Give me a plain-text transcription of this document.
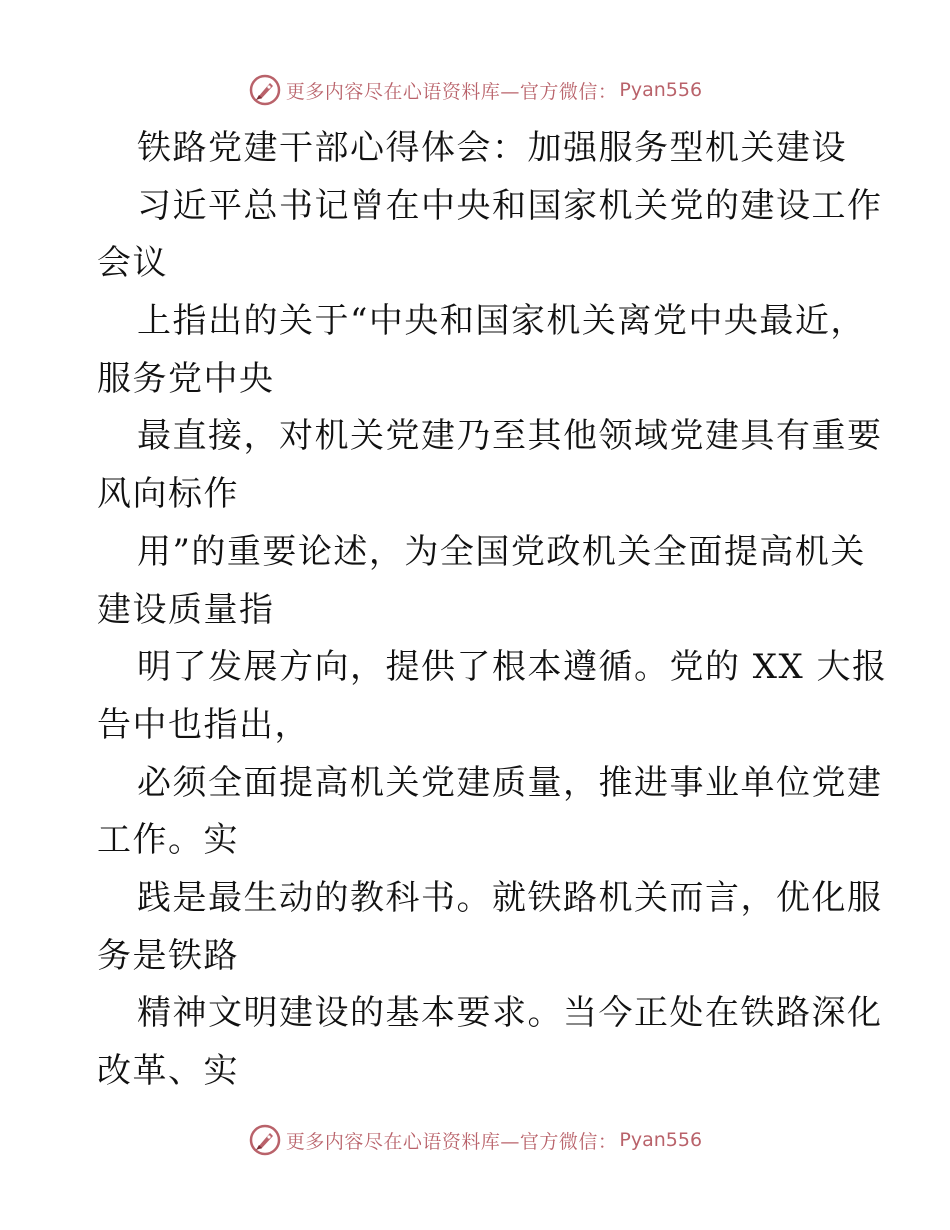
更多内容尽在心语资料库—官方微信： Pyan556
铁路党建干部心得体会：加强服务型机关建设
习近平总书记曾在中央和国家机关党的建设工作
会议
上指出的关于“中央和国家机关离党中央最近，
服务党中央
最直接，对机关党建乃至其他领域党建具有重要
风向标作
用”的重要论述，为全国党政机关全面提高机关
建设质量指
明了发展方向，提供了根本遵循。党的 XX 大报
告中也指出，
必须全面提高机关党建质量，推进事业单位党建
工作。实
践是最生动的教科书。就铁路机关而言，优化服
务是铁路
精神文明建设的基本要求。当今正处在铁路深化
改革、实
更多内容尽在心语资料库—官方微信： Pyan556
